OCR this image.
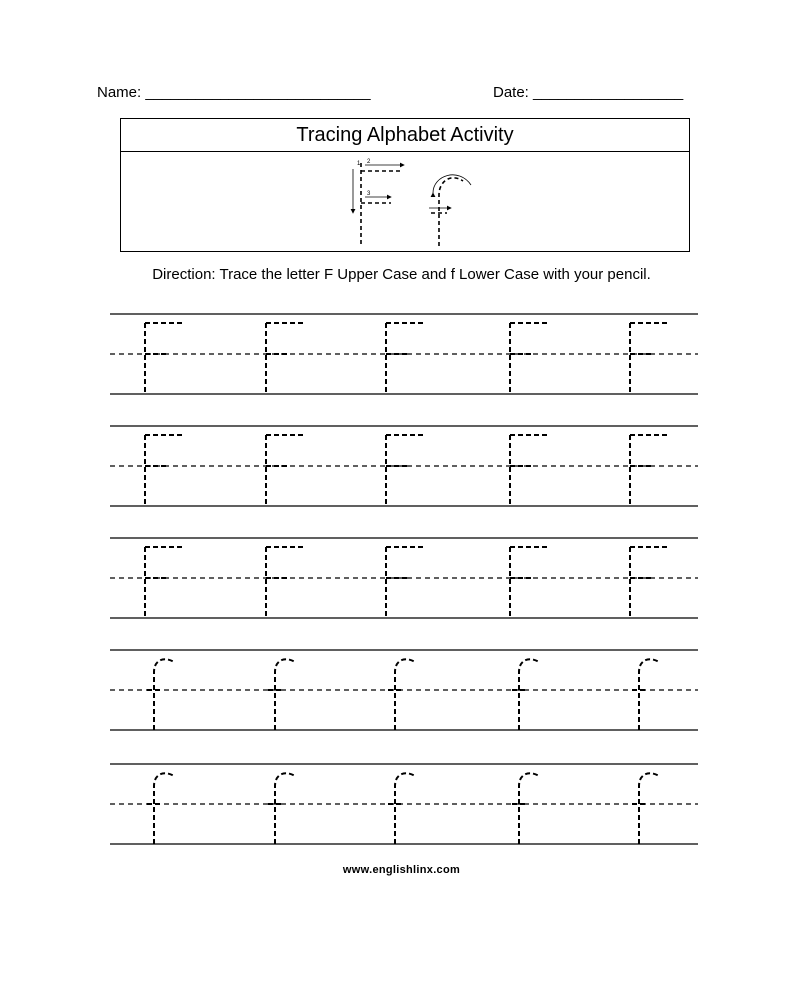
Name: ___________________________	Date: __________________
Tracing Alphabet Activity
1 2
3
Direction: Trace the letter F Upper Case and f Lower Case with your pencil.
www.englishlinx.com
